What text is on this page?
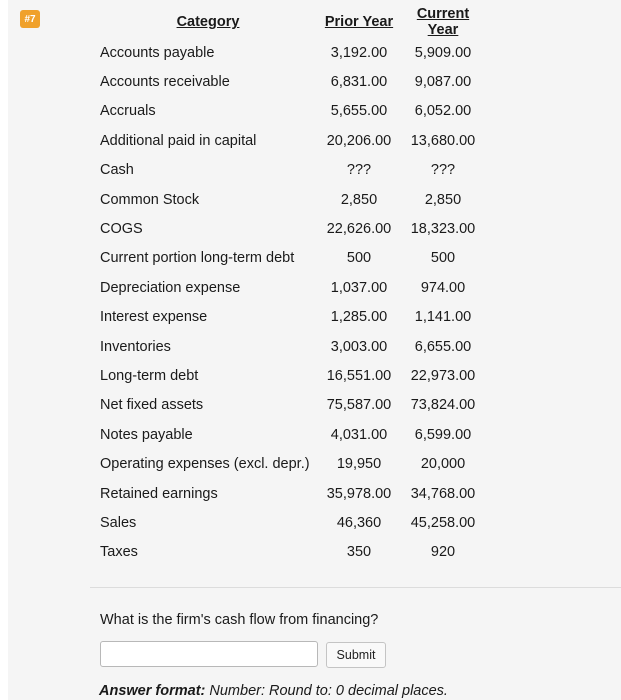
#7	Category	Prior Year	Current Year
Accounts payable	3,192.00	5,909.00
Accounts receivable	6,831.00	9,087.00
Accruals	5,655.00	6,052.00
Additional paid in capital	20,206.00	13,680.00
Cash	???	???
Common Stock	2,850	2,850
COGS	22,626.00	18,323.00
Current portion long-term debt	500	500
Depreciation expense	1,037.00	974.00
Interest expense	1,285.00	1,141.00
Inventories	3,003.00	6,655.00
Long-term debt	16,551.00	22,973.00
Net fixed assets	75,587.00	73,824.00
Notes payable	4,031.00	6,599.00
Operating expenses (excl. depr.)	19,950	20,000
Retained earnings	35,978.00	34,768.00
Sales	46,360	45,258.00
Taxes	350	920
What is the firm's cash flow from financing?
Submit
Answer format: Number: Round to: 0 decimal places.
